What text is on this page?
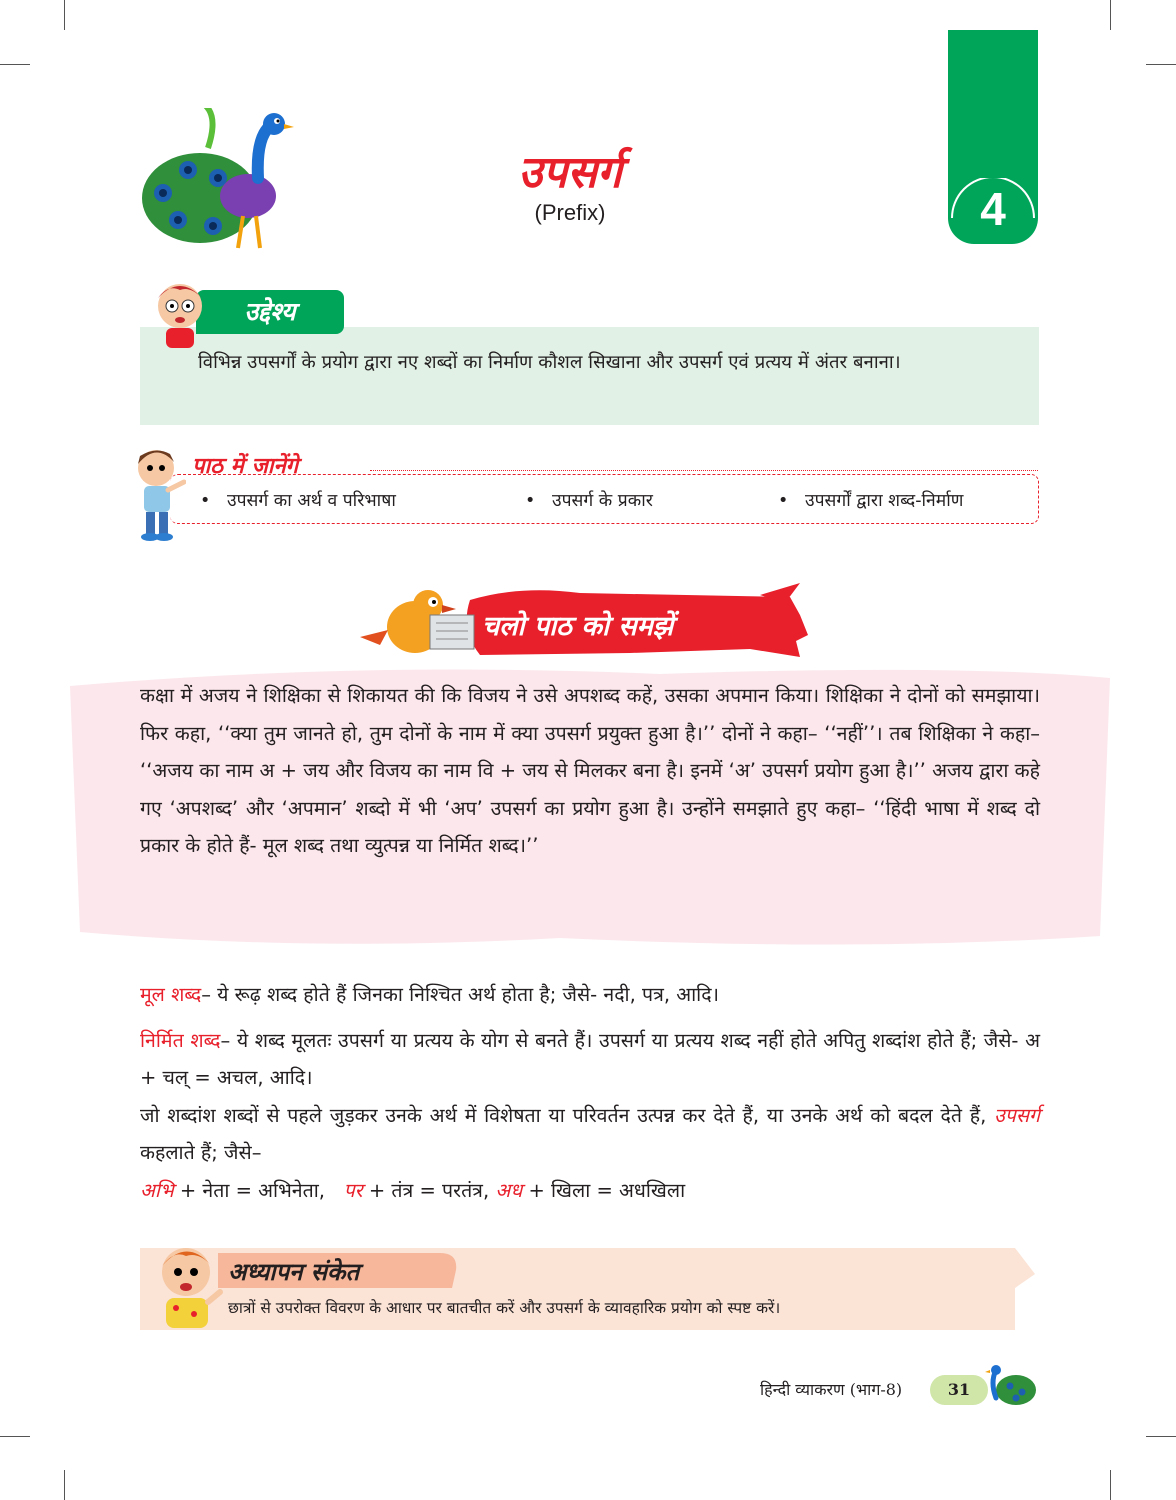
उपसर्ग
(Prefix)	4
उद्देश्य
विभिन्न उपसर्गों के प्रयोग द्वारा नए शब्दों का निर्माण कौशल सिखाना और उपसर्ग एवं प्रत्यय में अंतर बनाना।
पाठ में जानेंगे
•   उपसर्ग का अर्थ व परिभाषा	•   उपसर्ग के प्रकार	•   उपसर्गों द्वारा शब्द-निर्माण
चलो पाठ को समझें
कक्षा में अजय ने शिक्षिका से शिकायत की कि विजय ने उसे अपशब्द कहें, उसका अपमान किया। शिक्षिका ने दोनों को समझाया। फिर कहा, ‘‘क्या तुम जानते हो, तुम दोनों के नाम में क्या उपसर्ग प्रयुक्त हुआ है।’’ दोनों ने कहा– ‘‘नहीं’’। तब शिक्षिका ने कहा– ‘‘अजय का नाम अ + जय और विजय का नाम वि + जय से मिलकर बना है। इनमें ‘अ’ उपसर्ग प्रयोग हुआ है।’’ अजय द्वारा कहे गए ‘अपशब्द’ और ‘अपमान’ शब्दो में भी ‘अप’ उपसर्ग का प्रयोग हुआ है। उन्होंने समझाते हुए कहा– ‘‘हिंदी भाषा में शब्द दो प्रकार के होते हैं- मूल शब्द तथा व्युत्पन्न या निर्मित शब्द।’’
मूल शब्द– ये रूढ़ शब्द होते हैं जिनका निश्चित अर्थ होता है; जैसे- नदी, पत्र, आदि।
निर्मित शब्द– ये शब्द मूलतः उपसर्ग या प्रत्यय के योग से बनते हैं। उपसर्ग या प्रत्यय शब्द नहीं होते अपितु शब्दांश होते हैं; जैसे- अ + चल् = अचल, आदि।
जो शब्दांश शब्दों से पहले जुड़कर उनके अर्थ में विशेषता या परिवर्तन उत्पन्न कर देते हैं, या उनके अर्थ को बदल देते हैं, उपसर्ग कहलाते हैं; जैसे–
अभि + नेता = अभिनेता, पर + तंत्र = परतंत्र, अध + खिला = अधखिला
अध्यापन संकेत
छात्रों से उपरोक्त विवरण के आधार पर बातचीत करें और उपसर्ग के व्यावहारिक प्रयोग को स्पष्ट करें।
हिन्दी व्याकरण (भाग-8)	31
